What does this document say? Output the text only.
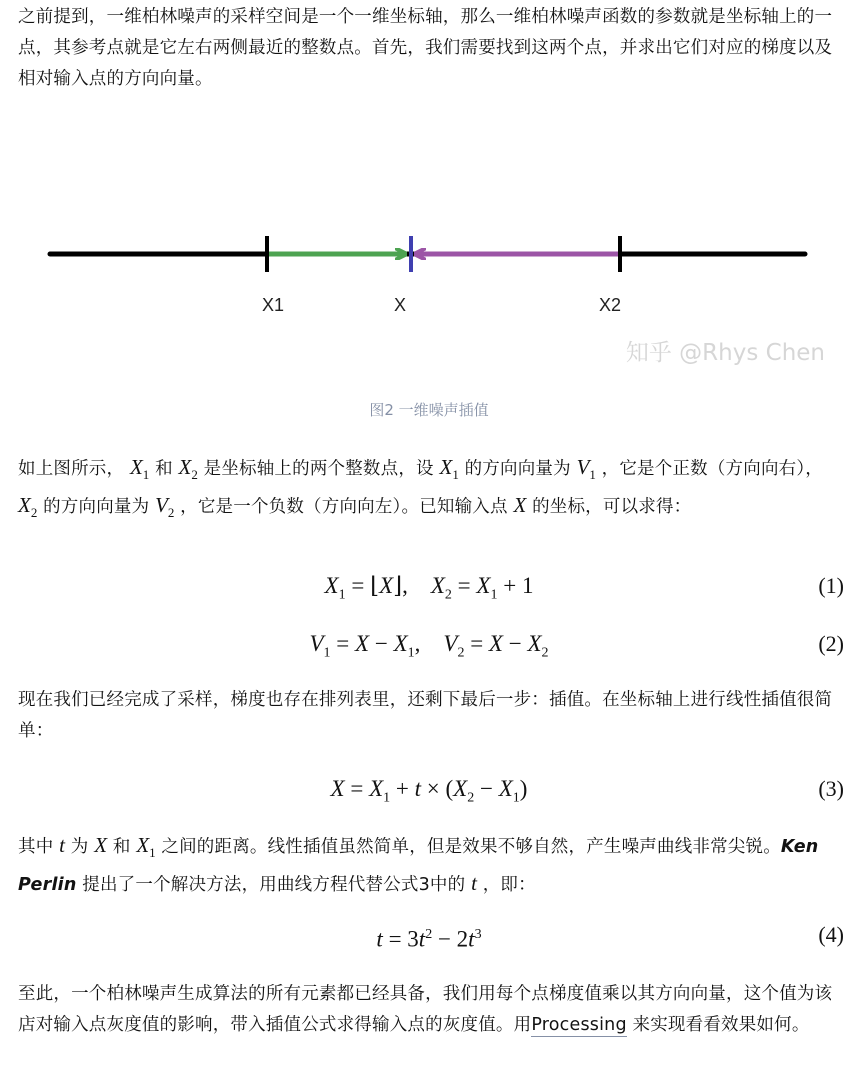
之前提到，一维柏林噪声的采样空间是一个一维坐标轴，那么一维柏林噪声函数的参数就是坐标轴上的一点，其参考点就是它左右两侧最近的整数点。首先，我们需要找到这两个点，并求出它们对应的梯度以及相对输入点的方向向量。

X1	X	X2
知乎 @Rhys Chen
图2 一维噪声插值

如上图所示， $X_1$ 和 $X_2$ 是坐标轴上的两个整数点，设 $X_1$ 的方向向量为 $V_1$ ，它是个正数（方向向右）， $X_2$ 的方向向量为 $V_2$ ，它是一个负数（方向向左）。已知输入点 X 的坐标，可以求得：

$X_1$ = ⌊X⌋,    $X_2 = X_1 + 1$	(1)
$V_1 = X - X_1$,    $V_2 = X - X_2$	(2)

现在我们已经完成了采样，梯度也存在排列表里，还剩下最后一步：插值。在坐标轴上进行线性插值很简单：

$X = X_1 + t \times (X_2 - X_1)$	(3)

其中 t 为 X 和 $X_1$ 之间的距离。线性插值虽然简单，但是效果不够自然，产生噪声曲线非常尖锐。Ken Perlin 提出了一个解决方法，用曲线方程代替公式3中的 t ，即：

$t = 3t^2 - 2t^3$	(4)

至此，一个柏林噪声生成算法的所有元素都已经具备，我们用每个点梯度值乘以其方向向量，这个值为该店对输入点灰度值的影响，带入插值公式求得输入点的灰度值。用Processing 来实现看看效果如何。
